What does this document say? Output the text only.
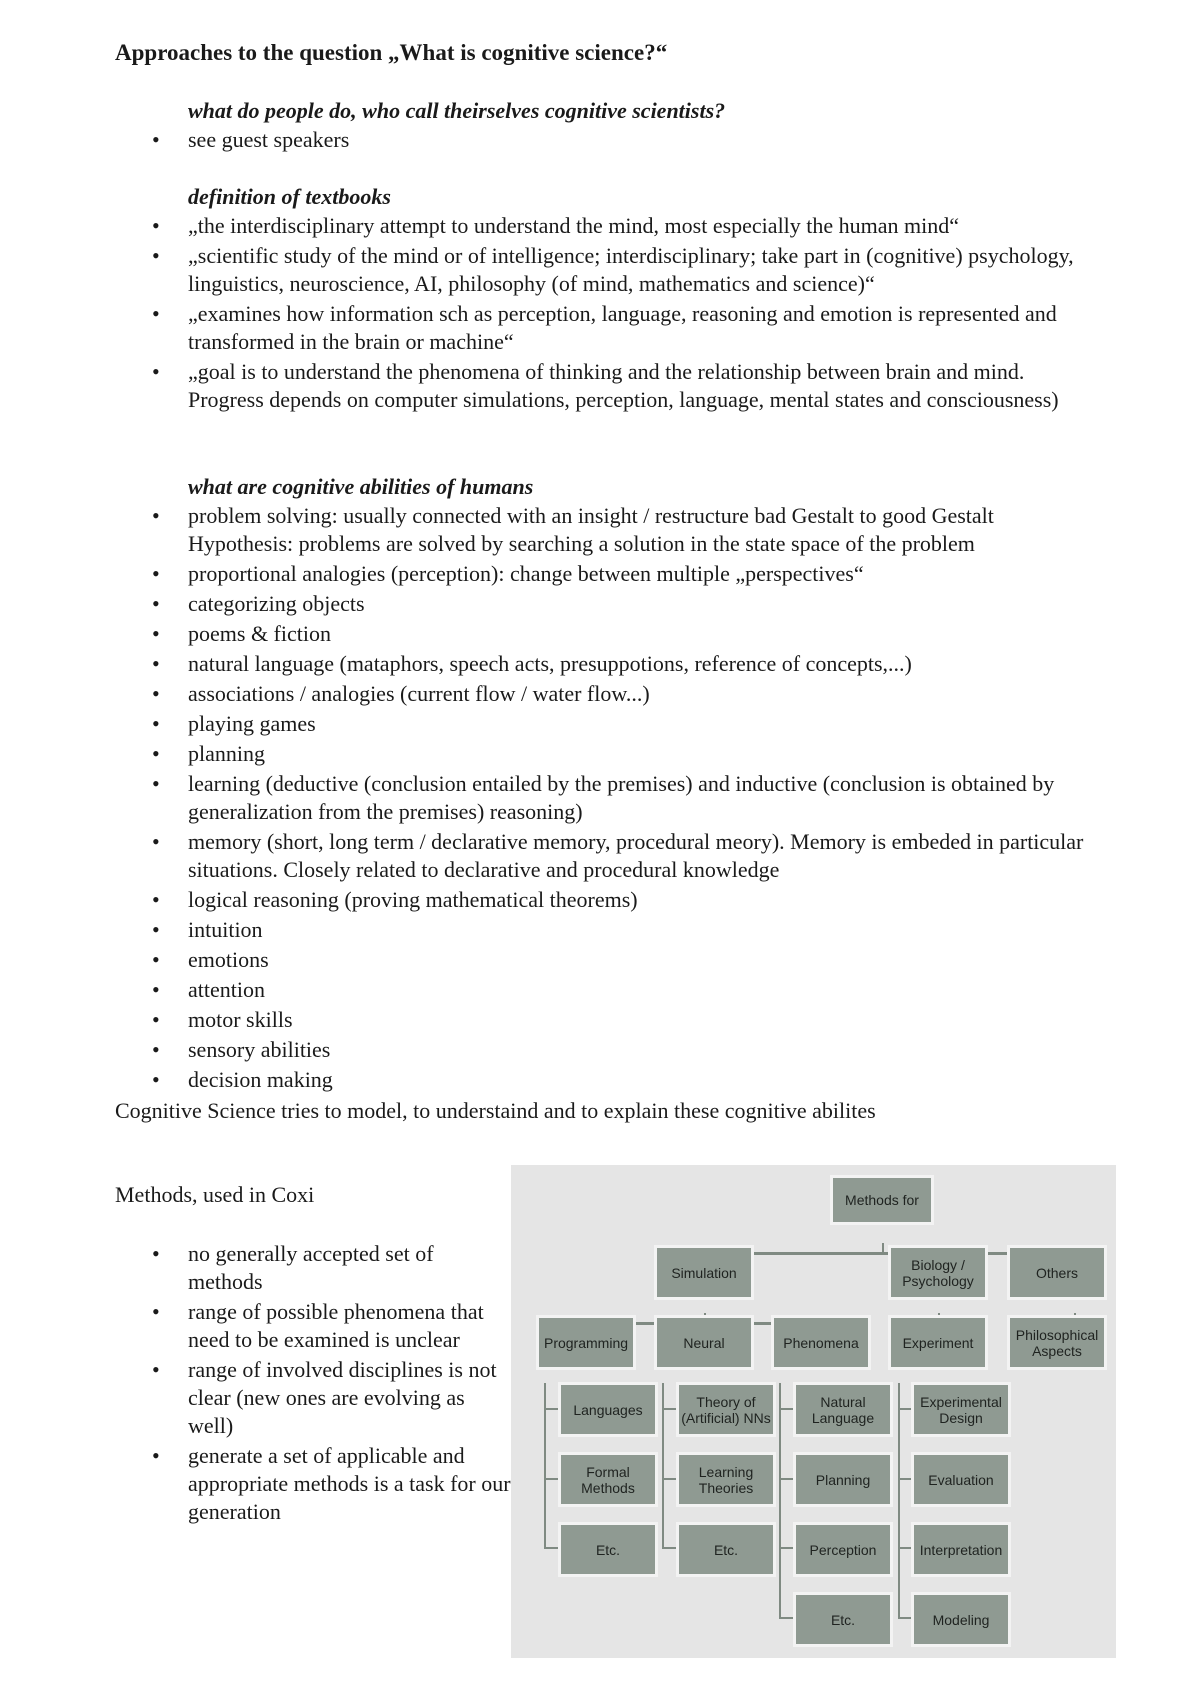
Approaches to the question „What is cognitive science?“
what do people do, who call theirselves cognitive scientists?
• see guest speakers
definition of textbooks
• „the interdisciplinary attempt to understand the mind, most especially the human mind“
• „scientific study of the mind or of intelligence; interdisciplinary; take part in (cognitive) psychology, linguistics, neuroscience, AI, philosophy (of mind, mathematics and science)“
• „examines how information sch as perception, language, reasoning and emotion is represented and transformed in the brain or machine“
• „goal is to understand the phenomena of thinking and the relationship between brain and mind. Progress depends on computer simulations, perception, language, mental states and consciousness)
what are cognitive abilities of humans
• problem solving: usually connected with an insight / restructure bad Gestalt to good Gestalt Hypothesis: problems are solved by searching a solution in the state space of the problem
• proportional analogies (perception): change between multiple „perspectives“
• categorizing objects
• poems & fiction
• natural language (mataphors, speech acts, presuppotions, reference of concepts,...)
• associations / analogies (current flow / water flow...)
• playing games
• planning
• learning (deductive (conclusion entailed by the premises) and inductive (conclusion is obtained by generalization from the premises) reasoning)
• memory (short, long term / declarative memory, procedural meory). Memory is embeded in particular situations. Closely related to declarative and procedural knowledge
• logical reasoning (proving mathematical theorems)
• intuition
• emotions
• attention
• motor skills
• sensory abilities
• decision making
Cognitive Science tries to model, to understaind and to explain these cognitive abilites
Methods, used in Coxi
• no generally accepted set of methods
• range of possible phenomena that need to be examined is unclear
• range of involved disciplines is not clear (new ones are evolving as well)
• generate a set of applicable and appropriate methods is a task for our generation
Methods for
Simulation	Biology / Psychology	Others
Programming	Neural	Phenomena	Experiment	Philosophical Aspects
Languages
Formal Methods
Etc.
Theory of (Artificial) NNs
Learning Theories
Etc.
Natural Language
Planning
Perception
Etc.
Experimental Design
Evaluation
Interpretation
Modeling
